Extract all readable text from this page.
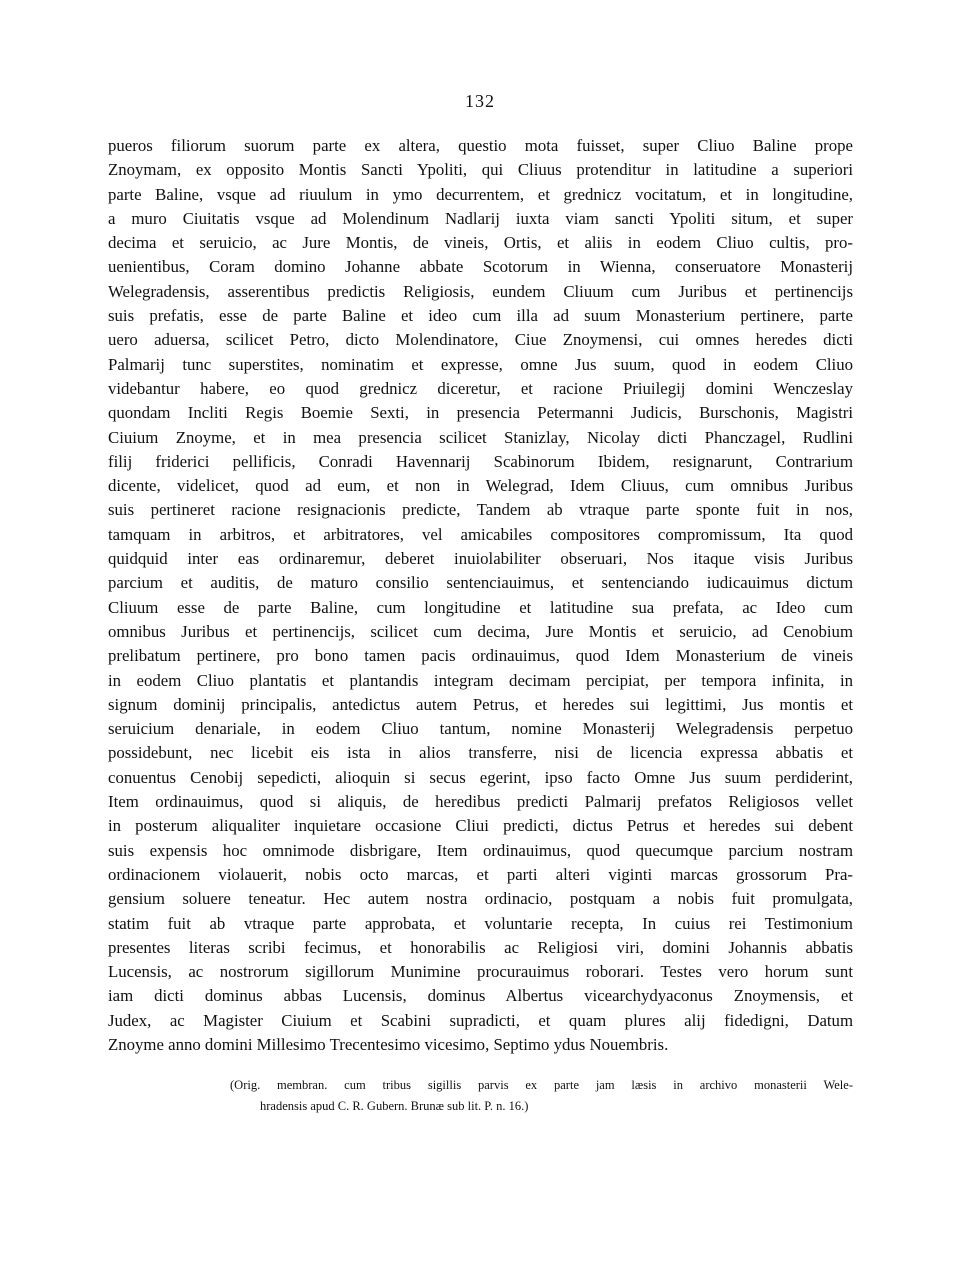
132
pueros filiorum suorum parte ex altera, questio mota fuisset, super Cliuo Baline prope
Znoymam, ex opposito Montis Sancti Ypoliti, qui Cliuus protenditur in latitudine a superiori
parte Baline, vsque ad riuulum in ymo decurrentem, et grednicz vocitatum, et in longitudine,
a muro Ciuitatis vsque ad Molendinum Nadlarij iuxta viam sancti Ypoliti situm, et super
decima et seruicio, ac Jure Montis, de vineis, Ortis, et aliis in eodem Cliuo cultis, pro-
uenientibus, Coram domino Johanne abbate Scotorum in Wienna, conseruatore Monasterij
Welegradensis, asserentibus predictis Religiosis, eundem Cliuum cum Juribus et pertinencijs
suis prefatis, esse de parte Baline et ideo cum illa ad suum Monasterium pertinere, parte
uero aduersa, scilicet Petro, dicto Molendinatore, Ciue Znoymensi, cui omnes heredes dicti
Palmarij tunc superstites, nominatim et expresse, omne Jus suum, quod in eodem Cliuo
videbantur habere, eo quod grednicz diceretur, et racione Priuilegij domini Wenczeslay
quondam Incliti Regis Boemie Sexti, in presencia Petermanni Judicis, Burschonis, Magistri
Ciuium Znoyme, et in mea presencia scilicet Stanizlay, Nicolay dicti Phanczagel, Rudlini
filij friderici pellificis, Conradi Havennarij Scabinorum Ibidem, resignarunt, Contrarium
dicente, videlicet, quod ad eum, et non in Welegrad, Idem Cliuus, cum omnibus Juribus
suis pertineret racione resignacionis predicte, Tandem ab vtraque parte sponte fuit in nos,
tamquam in arbitros, et arbitratores, vel amicabiles compositores compromissum, Ita quod
quidquid inter eas ordinaremur, deberet inuiolabiliter obseruari, Nos itaque visis Juribus
parcium et auditis, de maturo consilio sentenciauimus, et sentenciando iudicauimus dictum
Cliuum esse de parte Baline, cum longitudine et latitudine sua prefata, ac Ideo cum
omnibus Juribus et pertinencijs, scilicet cum decima, Jure Montis et seruicio, ad Cenobium
prelibatum pertinere, pro bono tamen pacis ordinauimus, quod Idem Monasterium de vineis
in eodem Cliuo plantatis et plantandis integram decimam percipiat, per tempora infinita, in
signum dominij principalis, antedictus autem Petrus, et heredes sui legittimi, Jus montis et
seruicium denariale, in eodem Cliuo tantum, nomine Monasterij Welegradensis perpetuo
possidebunt, nec licebit eis ista in alios transferre, nisi de licencia expressa abbatis et
conuentus Cenobij sepedicti, alioquin si secus egerint, ipso facto Omne Jus suum perdiderint,
Item ordinauimus, quod si aliquis, de heredibus predicti Palmarij prefatos Religiosos vellet
in posterum aliqualiter inquietare occasione Cliui predicti, dictus Petrus et heredes sui debent
suis expensis hoc omnimode disbrigare, Item ordinauimus, quod quecumque parcium nostram
ordinacionem violauerit, nobis octo marcas, et parti alteri viginti marcas grossorum Pra-
gensium soluere teneatur. Hec autem nostra ordinacio, postquam a nobis fuit promulgata,
statim fuit ab vtraque parte approbata, et voluntarie recepta, In cuius rei Testimonium
presentes literas scribi fecimus, et honorabilis ac Religiosi viri, domini Johannis abbatis
Lucensis, ac nostrorum sigillorum Munimine procurauimus roborari. Testes vero horum sunt
iam dicti dominus abbas Lucensis, dominus Albertus vicearchydyaconus Znoymensis, et
Judex, ac Magister Ciuium et Scabini supradicti, et quam plures alij fidedigni, Datum
Znoyme anno domini Millesimo Trecentesimo vicesimo, Septimo ydus Nouembris.
(Orig. membran. cum tribus sigillis parvis ex parte jam læsis in archivo monasterii Wele-
hradensis apud C. R. Gubern. Brunæ sub lit. P. n. 16.)
